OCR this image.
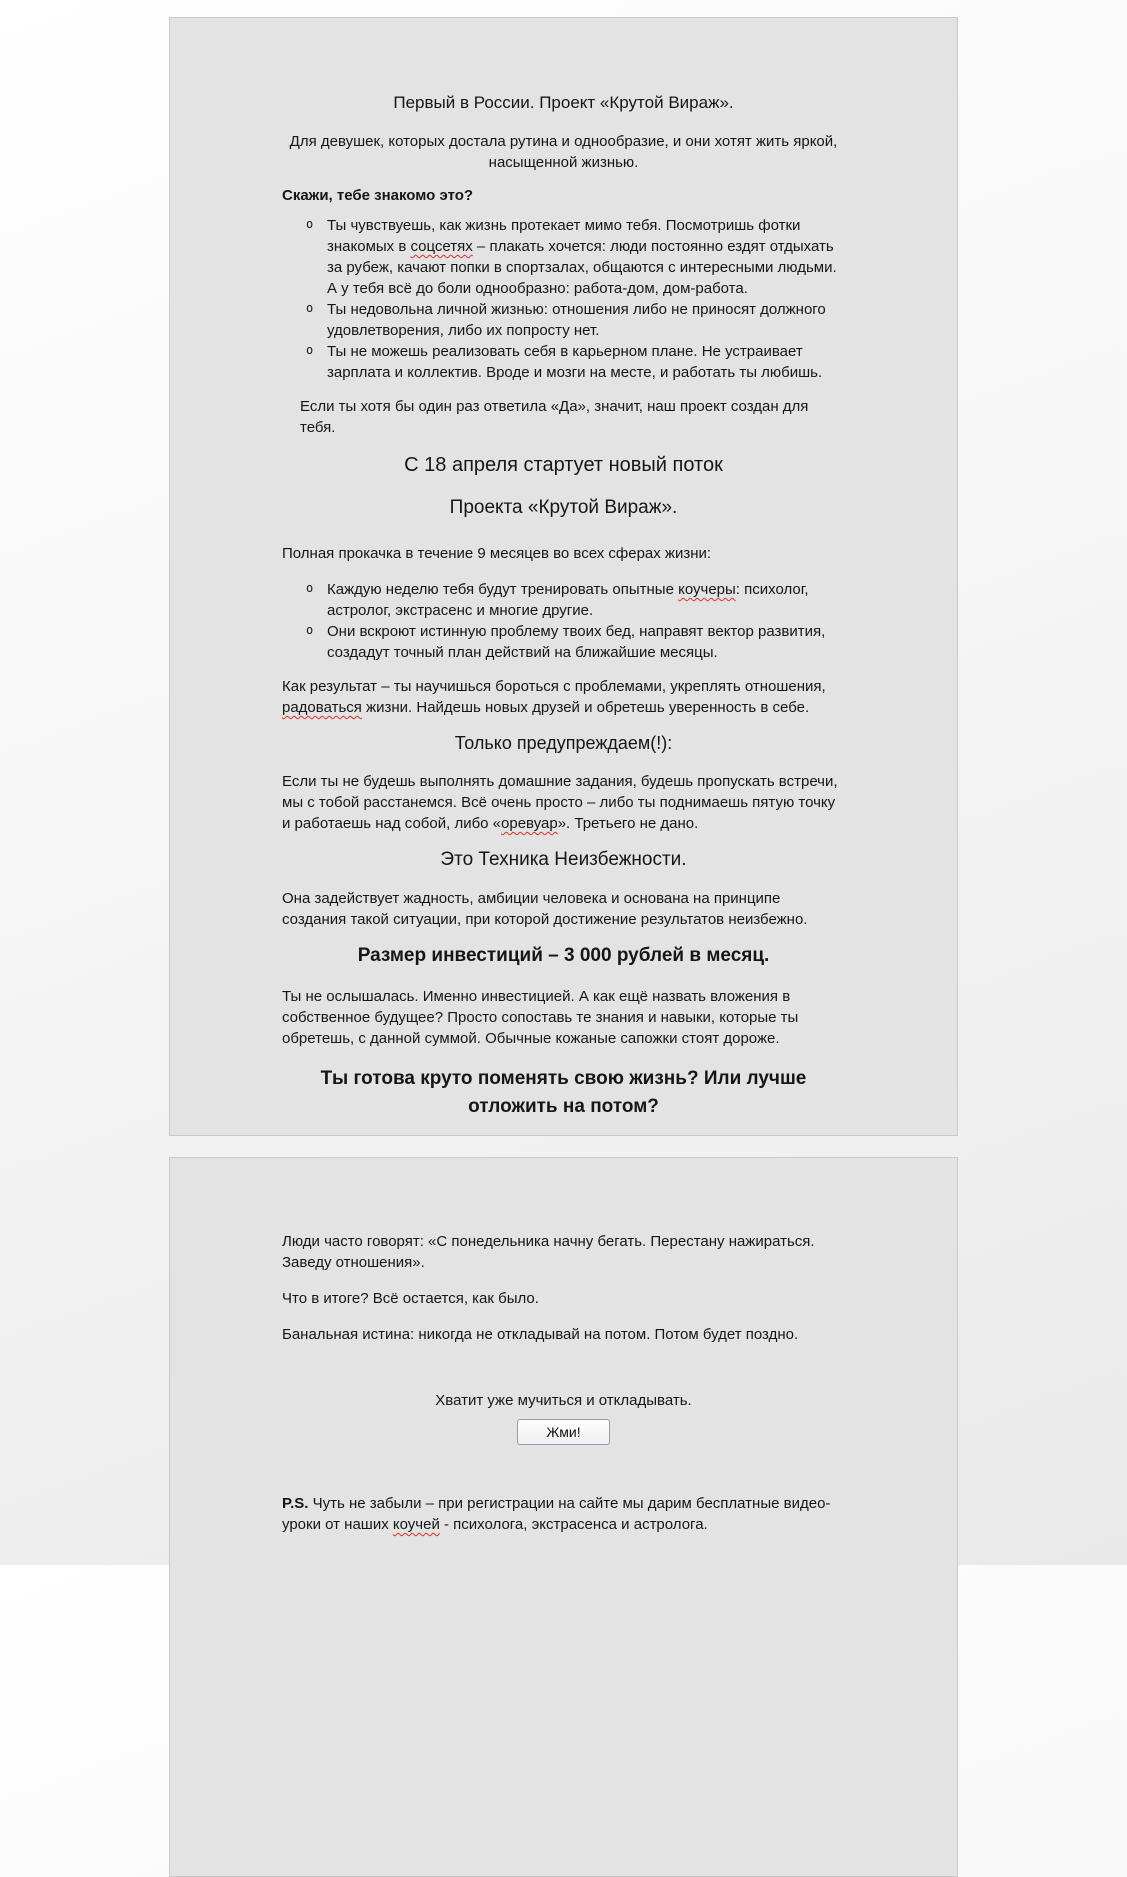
Первый в России. Проект «Крутой Вираж».

Для девушек, которых достала рутина и однообразие, и они хотят жить яркой, насыщенной жизнью.

Скажи, тебе знакомо это?

o Ты чувствуешь, как жизнь протекает мимо тебя. Посмотришь фотки знакомых в соцсетях – плакать хочется: люди постоянно ездят отдыхать за рубеж, качают попки в спортзалах, общаются с интересными людьми. А у тебя всё до боли однообразно: работа-дом, дом-работа.
o Ты недовольна личной жизнью: отношения либо не приносят должного удовлетворения, либо их попросту нет.
o Ты не можешь реализовать себя в карьерном плане. Не устраивает зарплата и коллектив. Вроде и мозги на месте, и работать ты любишь.

Если ты хотя бы один раз ответила «Да», значит, наш проект создан для тебя.

С 18 апреля стартует новый поток
Проекта «Крутой Вираж».

Полная прокачка в течение 9 месяцев во всех сферах жизни:

o Каждую неделю тебя будут тренировать опытные коучеры: психолог, астролог, экстрасенс и многие другие.
o Они вскроют истинную проблему твоих бед, направят вектор развития, создадут точный план действий на ближайшие месяцы.

Как результат – ты научишься бороться с проблемами, укреплять отношения, радоваться жизни. Найдешь новых друзей и обретешь уверенность в себе.

Только предупреждаем(!):

Если ты не будешь выполнять домашние задания, будешь пропускать встречи, мы с тобой расстанемся. Всё очень просто – либо ты поднимаешь пятую точку и работаешь над собой, либо «оревуар». Третьего не дано.

Это Техника Неизбежности.

Она задействует жадность, амбиции человека и основана на принципе создания такой ситуации, при которой достижение результатов неизбежно.

Размер инвестиций – 3 000 рублей в месяц.

Ты не ослышалась. Именно инвестицией. А как ещё назвать вложения в собственное будущее? Просто сопоставь те знания и навыки, которые ты обретешь, с данной суммой. Обычные кожаные сапожки стоят дороже.

Ты готова круто поменять свою жизнь? Или лучше отложить на потом?

Люди часто говорят: «С понедельника начну бегать. Перестану нажираться. Заведу отношения».

Что в итоге? Всё остается, как было.

Банальная истина: никогда не откладывай на потом. Потом будет поздно.

Хватит уже мучиться и откладывать.

Жми!

P.S. Чуть не забыли – при регистрации на сайте мы дарим бесплатные видео-уроки от наших коучей - психолога, экстрасенса и астролога.
